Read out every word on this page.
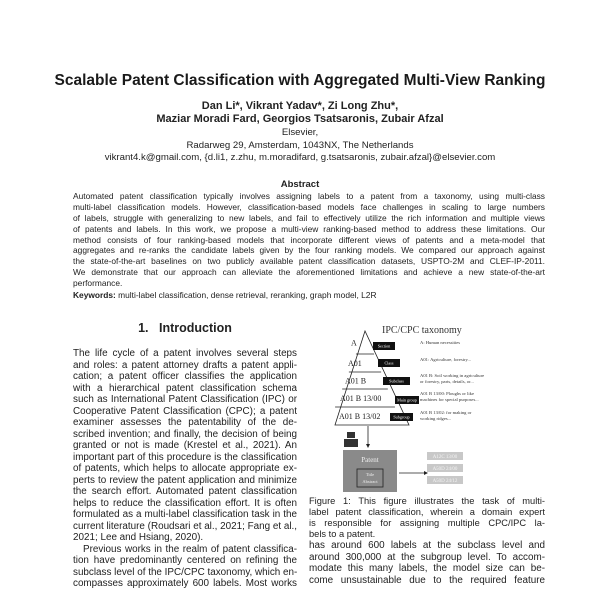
Scalable Patent Classification with Aggregated Multi-View Ranking
Dan Li*, Vikrant Yadav*, Zi Long Zhu*,
Maziar Moradi Fard, Georgios Tsatsaronis, Zubair Afzal
Elsevier,
Radarweg 29, Amsterdam, 1043NX, The Netherlands
vikrant4.k@gmail.com, {d.li1, z.zhu, m.moradifard, g.tsatsaronis, zubair.afzal}@elsevier.com
Abstract
Automated patent classification typically involves assigning labels to a patent from a taxonomy, using multi-class
multi-label classification models. However, classification-based models face challenges in scaling to large numbers
of labels, struggle with generalizing to new labels, and fail to effectively utilize the rich information and multiple views
of patents and labels. In this work, we propose a multi-view ranking-based method to address these limitations. Our
method consists of four ranking-based models that incorporate different views of patents and a meta-model that
aggregates and re-ranks the candidate labels given by the four ranking models. We compared our approach against
the state-of-the-art baselines on two publicly available patent classification datasets, USPTO-2M and CLEF-IP-2011.
We demonstrate that our approach can alleviate the aforementioned limitations and achieve a new state-of-the-art
performance.
Keywords: multi-label classification, dense retrieval, reranking, graph model, L2R
1. Introduction
The life cycle of a patent involves several steps
and roles: a patent attorney drafts a patent appli-
cation; a patent officer classifies the application
with a hierarchical patent classification schema
such as International Patent Classification (IPC) or
Cooperative Patent Classification (CPC); a patent
examiner assesses the patentability of the de-
scribed invention; and finally, the decision of being
granted or not is made (Krestel et al., 2021). An
important part of this procedure is the classification
of patents, which helps to allocate appropriate ex-
perts to review the patent application and minimize
the search effort. Automated patent classification
helps to reduce the classification effort. It is often
formulated as a multi-label classification task in the
current literature (Roudsari et al., 2021; Fang et al.,
2021; Lee and Hsiang, 2020).
Previous works in the realm of patent classifica-
tion have predominantly centered on refining the
subclass level of the IPC/CPC taxonomy, which en-
compasses approximately 600 labels. Most works
IPC/CPC taxonomy
A	Section
A: Human necessities
A01	Class
A01: Agriculture, forestry...
A01 B	Subclass
A01 B: Soil working in agriculture
or forestry, parts, details, or...
A01 B 13/00	Main group
A01 B 13/00: Ploughs or like
machines for special purposes...
A01 B 13/02	Subgroup
A01 B 13/02: for making or
working ridges...
Patent
Title
Abstract
A12C 13/00
A50D 24/00
A50D 24/12
Figure 1: This figure illustrates the task of multi-
label patent classification, wherein a domain expert
is responsible for assigning multiple CPC/IPC la-
bels to a patent.
has around 600 labels at the subclass level and
around 300,000 at the subgroup level. To accom-
modate this many labels, the model size can be-
come unsustainable due to the required feature
